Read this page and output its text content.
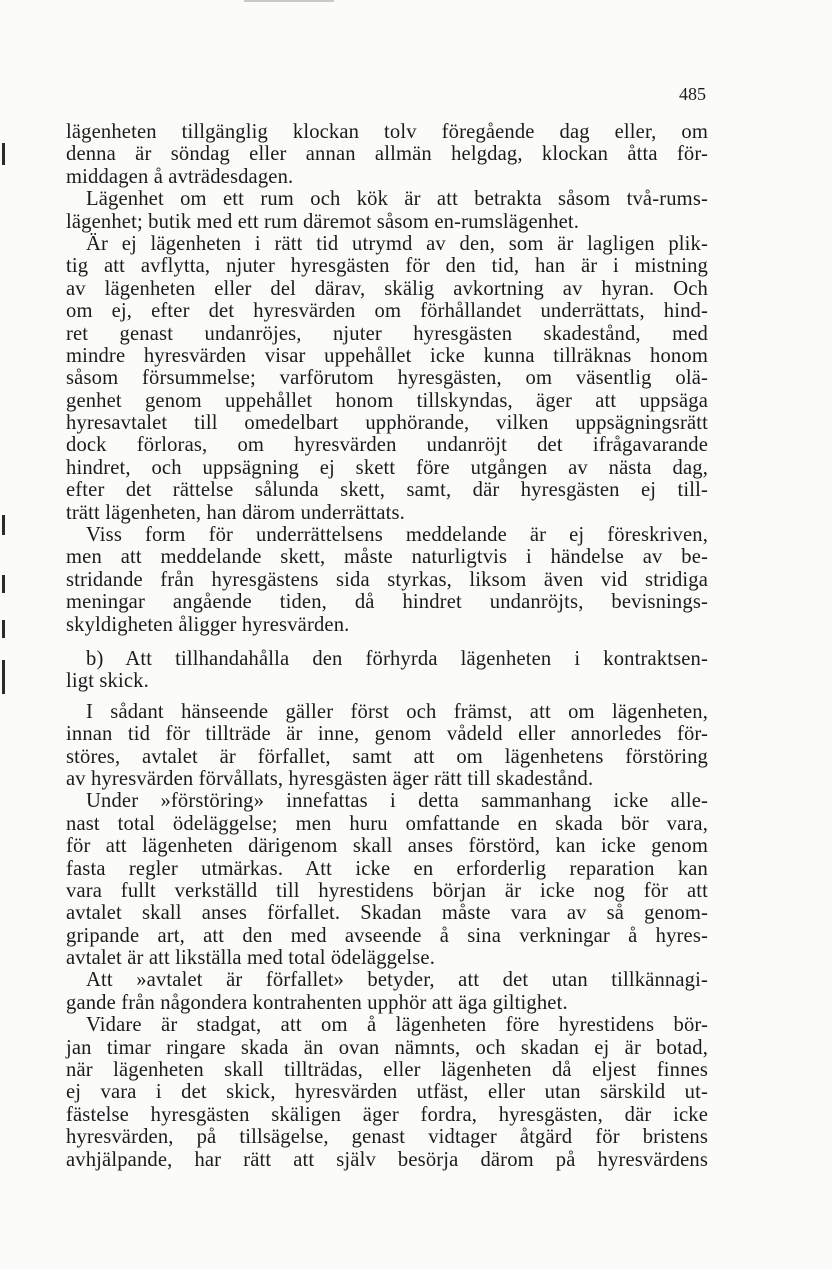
485
lägenheten tillgänglig klockan tolv föregående dag eller, om
denna är söndag eller annan allmän helgdag, klockan åtta för-
middagen å avträdesdagen.
Lägenhet om ett rum och kök är att betrakta såsom två-rums-
lägenhet; butik med ett rum däremot såsom en-rumslägenhet.
Är ej lägenheten i rätt tid utrymd av den, som är lagligen plik-
tig att avflytta, njuter hyresgästen för den tid, han är i mistning
av lägenheten eller del därav, skälig avkortning av hyran. Och
om ej, efter det hyresvärden om förhållandet underrättats, hind-
ret genast undanröjes, njuter hyresgästen skadestånd, med
mindre hyresvärden visar uppehållet icke kunna tillräknas honom
såsom försummelse; varförutom hyresgästen, om väsentlig olä-
genhet genom uppehållet honom tillskyndas, äger att uppsäga
hyresavtalet till omedelbart upphörande, vilken uppsägningsrätt
dock förloras, om hyresvärden undanröjt det ifrågavarande
hindret, och uppsägning ej skett före utgången av nästa dag,
efter det rättelse sålunda skett, samt, där hyresgästen ej till-
trätt lägenheten, han därom underrättats.
Viss form för underrättelsens meddelande är ej föreskriven,
men att meddelande skett, måste naturligtvis i händelse av be-
stridande från hyresgästens sida styrkas, liksom även vid stridiga
meningar angående tiden, då hindret undanröjts, bevisnings-
skyldigheten åligger hyresvärden.
b) Att tillhandahålla den förhyrda lägenheten i kontraktsen-
ligt skick.
I sådant hänseende gäller först och främst, att om lägenheten,
innan tid för tillträde är inne, genom vådeld eller annorledes för-
störes, avtalet är förfallet, samt att om lägenhetens förstöring
av hyresvärden förvållats, hyresgästen äger rätt till skadestånd.
Under »förstöring» innefattas i detta sammanhang icke alle-
nast total ödeläggelse; men huru omfattande en skada bör vara,
för att lägenheten därigenom skall anses förstörd, kan icke genom
fasta regler utmärkas. Att icke en erforderlig reparation kan
vara fullt verkställd till hyrestidens början är icke nog för att
avtalet skall anses förfallet. Skadan måste vara av så genom-
gripande art, att den med avseende å sina verkningar å hyres-
avtalet är att likställa med total ödeläggelse.
Att »avtalet är förfallet» betyder, att det utan tillkännagi-
gande från någondera kontrahenten upphör att äga giltighet.
Vidare är stadgat, att om å lägenheten före hyrestidens bör-
jan timar ringare skada än ovan nämnts, och skadan ej är botad,
när lägenheten skall tillträdas, eller lägenheten då eljest finnes
ej vara i det skick, hyresvärden utfäst, eller utan särskild ut-
fästelse hyresgästen skäligen äger fordra, hyresgästen, där icke
hyresvärden, på tillsägelse, genast vidtager åtgärd för bristens
avhjälpande, har rätt att själv besörja därom på hyresvärdens
